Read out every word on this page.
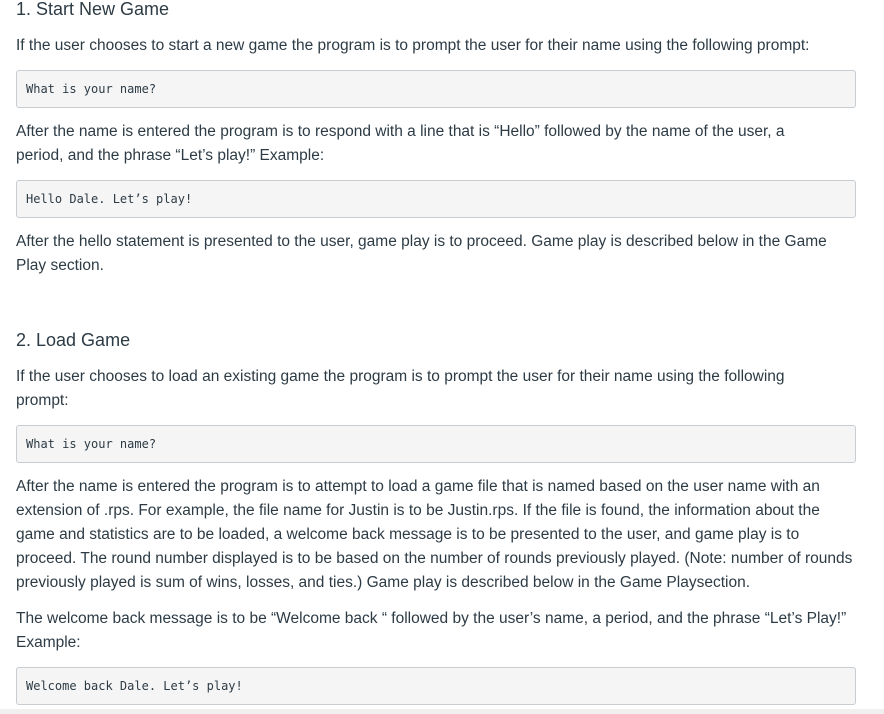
1. Start New Game

If the user chooses to start a new game the program is to prompt the user for their name using the following prompt:

What is your name?

After the name is entered the program is to respond with a line that is “Hello” followed by the name of the user, a period, and the phrase “Let’s play!” Example:

Hello Dale. Let’s play!

After the hello statement is presented to the user, game play is to proceed. Game play is described below in the Game Play section.

2. Load Game

If the user chooses to load an existing game the program is to prompt the user for their name using the following prompt:

What is your name?

After the name is entered the program is to attempt to load a game file that is named based on the user name with an extension of .rps. For example, the file name for Justin is to be Justin.rps. If the file is found, the information about the game and statistics are to be loaded, a welcome back message is to be presented to the user, and game play is to proceed. The round number displayed is to be based on the number of rounds previously played. (Note: number of rounds previously played is sum of wins, losses, and ties.) Game play is described below in the Game Playsection.

The welcome back message is to be “Welcome back “ followed by the user’s name, a period, and the phrase “Let’s Play!” Example:

Welcome back Dale. Let’s play!
